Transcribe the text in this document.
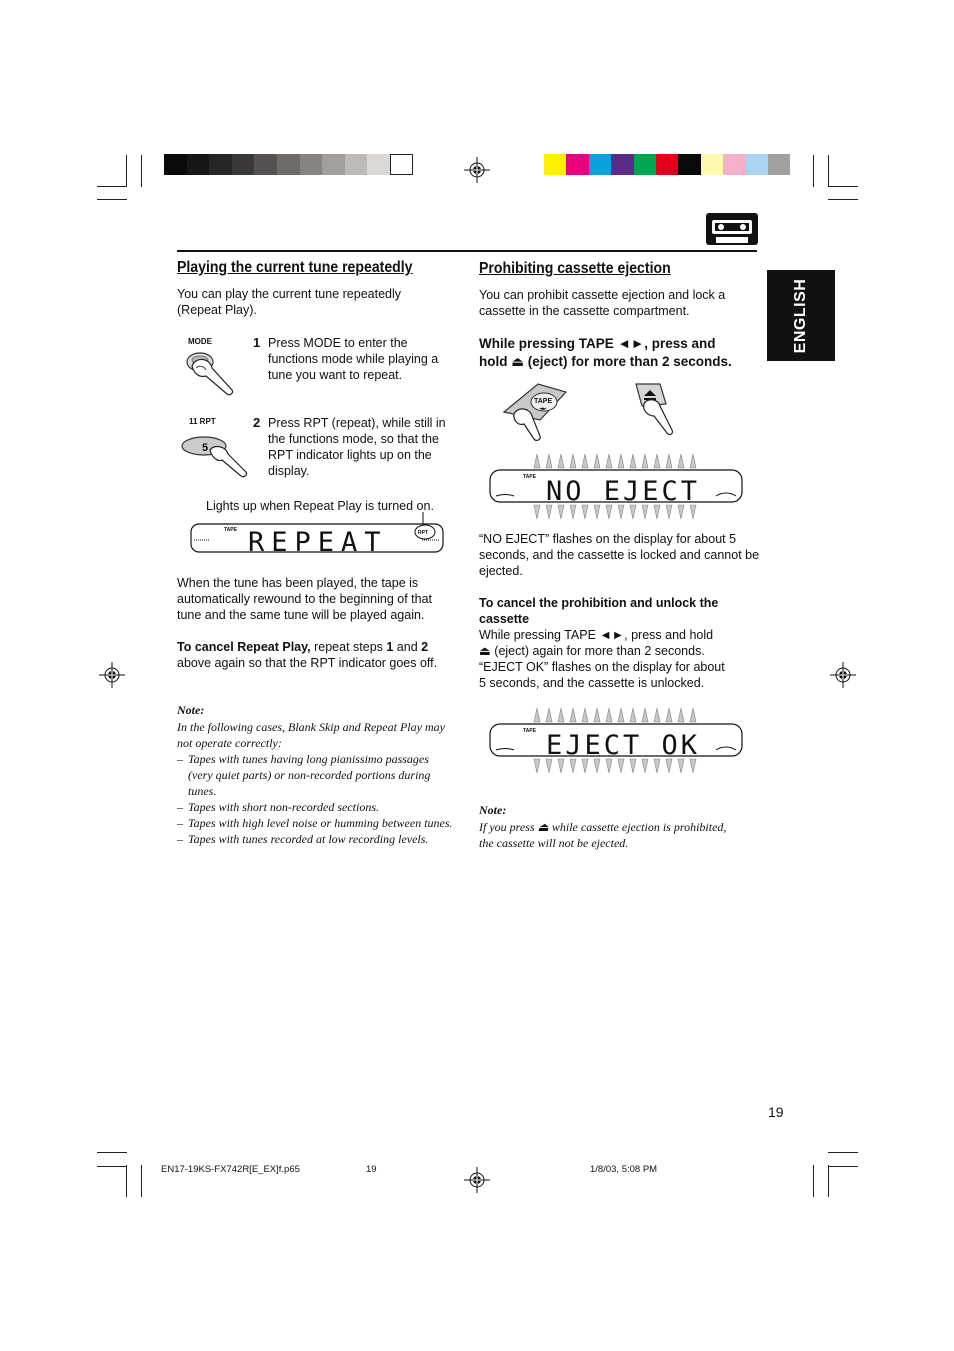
ENGLISH
Playing the current tune repeatedly
You can play the current tune repeatedly (Repeat Play).
MODE	1 Press MODE to enter the functions mode while playing a tune you want to repeat.
11 RPT
5
2 Press RPT (repeat), while still in the functions mode, so that the RPT indicator lights up on the display.
Lights up when Repeat Play is turned on.
TAPE REPEAT	RPT
When the tune has been played, the tape is automatically rewound to the beginning of that tune and the same tune will be played again.
To cancel Repeat Play, repeat steps 1 and 2 above again so that the RPT indicator goes off.
Note:
In the following cases, Blank Skip and Repeat Play may not operate correctly:
– Tapes with tunes having long pianissimo passages (very quiet parts) or non-recorded portions during tunes.
– Tapes with short non-recorded sections.
– Tapes with high level noise or humming between tunes.
– Tapes with tunes recorded at low recording levels.
Prohibiting cassette ejection
You can prohibit cassette ejection and lock a cassette in the cassette compartment.
While pressing TAPE ◄►, press and
hold ⏏ (eject) for more than 2 seconds.
TAPE
◄►
TAPE NO EJECT
“NO EJECT” flashes on the display for about 5 seconds, and the cassette is locked and cannot be ejected.
To cancel the prohibition and unlock the cassette
While pressing TAPE ◄►, press and hold
⏏ (eject) again for more than 2 seconds.
“EJECT OK” flashes on the display for about
5 seconds, and the cassette is unlocked.
TAPE EJECT OK
Note:
If you press ⏏ while cassette ejection is prohibited,
the cassette will not be ejected.
19
EN17-19KS-FX742R[E_EX]f.p65	19	1/8/03, 5:08 PM
